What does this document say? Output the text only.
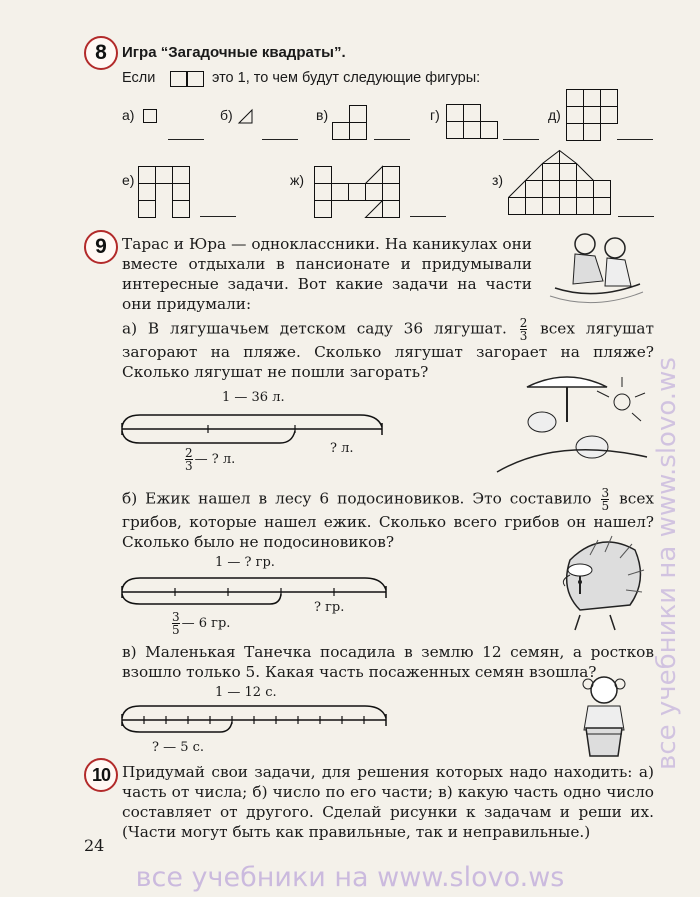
8	Игра “Загадочные квадраты”.
Если	это 1, то чем будут следующие фигуры:
а)	б)	в)	г)	д)
е)	ж)	з)
9 Тарас и Юра — одноклассники. На каникулах они вместе отдыхали в пансионате и придумывали интересные задачи. Вот какие задачи на части они придумали:

а) В лягушачьем детском саду 36 лягушат. $\frac{2}{3}$ всех лягушат загорают на пляже. Сколько лягушат загорает на пляже? Сколько лягушат не пошли загорать?

1 — 36 л.
$\frac{2}{3}$ — ? л.
? л.

б) Ежик нашел в лесу 6 подосиновиков. Это составило $\frac{3}{5}$ всех грибов, которые нашел ежик. Сколько всего грибов он нашел? Сколько было не подосиновиков?

1 — ? гр.
$\frac{3}{5}$ — 6 гр.
? гр.

в) Маленькая Танечка посадила в землю 12 семян, а ростков взошло только 5. Какая часть посаженных семян взошла?

1 — 12 с.
? — 5 с.
10 Придумай свои задачи, для решения которых надо находить: а) часть от числа; б) число по его части; в) какую часть одно число составляет от другого. Сделай рисунки к задачам и реши их. (Части могут быть как правильные, так и неправильные.)

24
все учебники на www.slovo.ws
все учебники на www.slovo.ws
